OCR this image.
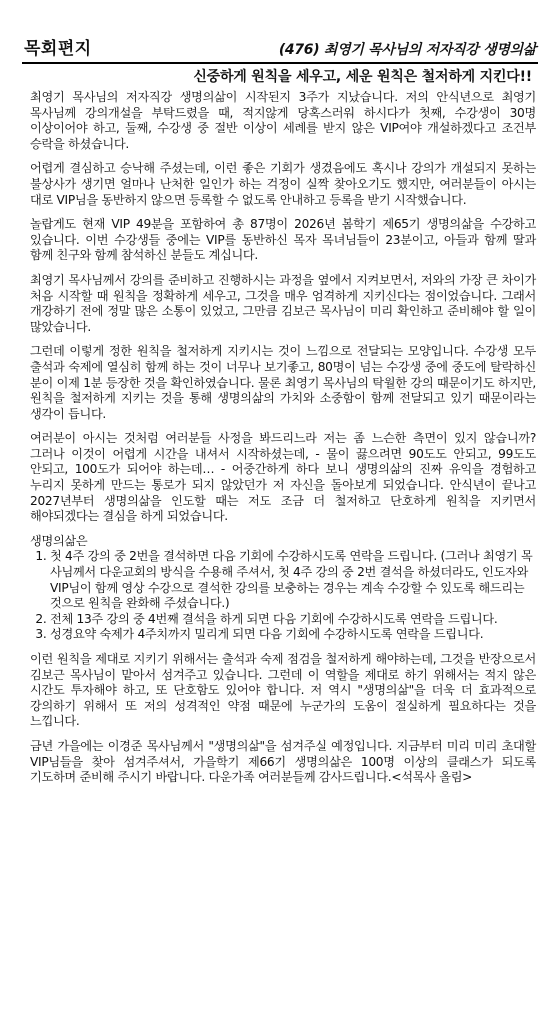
목회편지	(476) 최영기 목사님의 저자직강 생명의삶
신중하게 원칙을 세우고, 세운 원칙은 철저하게 지킨다!!

최영기 목사님의 저자직강 생명의삶이 시작된지 3주가 지났습니다. 저의 안식년으로 최영기 목사님께 강의개설을 부탁드렸을 때, 적지않게 당혹스러워 하시다가 첫째, 수강생이 30명 이상이어야 하고, 둘째, 수강생 중 절반 이상이 세례를 받지 않은 VIP여야 개설하겠다고 조건부 승락을 하셨습니다.

어렵게 결심하고 승낙해 주셨는데, 이런 좋은 기회가 생겼음에도 혹시나 강의가 개설되지 못하는 불상사가 생기면 얼마나 난처한 일인가 하는 걱정이 실짝 찾아오기도 했지만, 여러분들이 아시는 대로 VIP님을 동반하지 않으면 등록할 수 없도록 안내하고 등록을 받기 시작했습니다.

놀랍게도 현재 VIP 49분을 포함하여 총 87명이 2026년 봄학기 제65기 생명의삶을 수강하고 있습니다. 이번 수강생들 중에는 VIP를 동반하신 목자 목녀님들이 23분이고, 아들과 함께 딸과 함께 친구와 함께 참석하신 분들도 계십니다.

최영기 목사님께서 강의를 준비하고 진행하시는 과정을 옆에서 지켜보면서, 저와의 가장 큰 차이가 처음 시작할 때 원칙을 정확하게 세우고, 그것을 매우 엄격하게 지키신다는 점이었습니다. 그래서 개강하기 전에 정말 많은 소통이 있었고, 그만큼 김보근 목사님이 미리 확인하고 준비해야 할 일이 많았습니다.

그런데 이렇게 정한 원칙을 철저하게 지키시는 것이 느낌으로 전달되는 모양입니다. 수강생 모두 출석과 숙제에 열심히 함께 하는 것이 너무나 보기좋고, 80명이 넘는 수강생 중에 중도에 탈락하신 분이 이제 1분 등장한 것을 확인하였습니다. 물론 최영기 목사님의 탁월한 강의 때문이기도 하지만, 원칙을 철저하게 지키는 것을 통해 생명의삶의 가치와 소중함이 함께 전달되고 있기 때문이라는 생각이 듭니다.

여러분이 아시는 것처럼 여러분들 사정을 봐드리느라 저는 좀 느슨한 측면이 있지 않습니까? 그러나 이것이 어렵게 시간을 내셔서 시작하셨는데, - 물이 끓으려면 90도도 안되고, 99도도 안되고, 100도가 되어야 하는데… - 어중간하게 하다 보니 생명의삶의 진짜 유익을 경험하고 누리지 못하게 만드는 통로가 되지 않았던가 저 자신을 돌아보게 되었습니다. 안식년이 끝나고 2027년부터 생명의삶을 인도할 때는 저도 조금 더 철저하고 단호하게 원칙을 지키면서 해야되겠다는 결심을 하게 되었습니다.

생명의삶은

1. 첫 4주 강의 중 2번을 결석하면 다음 기회에 수강하시도록 연락을 드립니다. (그러나 최영기 목사님께서 다운교회의 방식을 수용해 주셔서, 첫 4주 강의 중 2번 결석을 하셨더라도, 인도자와 VIP님이 함께 영상 수강으로 결석한 강의를 보충하는 경우는 계속 수강할 수 있도록 해드리는 것으로 원칙을 완화해 주셨습니다.)
2. 전체 13주 강의 중 4번째 결석을 하게 되면 다음 기회에 수강하시도록 연락을 드립니다.
3. 성경요약 숙제가 4주치까지 밀리게 되면 다음 기회에 수강하시도록 연락을 드립니다.

이런 원칙을 제대로 지키기 위해서는 출석과 숙제 점검을 철저하게 해야하는데, 그것을 반장으로서 김보근 목사님이 맡아서 섬겨주고 있습니다. 그런데 이 역할을 제대로 하기 위해서는 적지 않은 시간도 투자해야 하고, 또 단호함도 있어야 합니다. 저 역시 "생명의삶"을 더욱 더 효과적으로 강의하기 위해서 또 저의 성격적인 약점 때문에 누군가의 도움이 절실하게 필요하다는 것을 느낍니다.

금년 가을에는 이경준 목사님께서 "생명의삶"을 섬겨주실 예정입니다. 지금부터 미리 미리 초대할 VIP님들을 찾아 섬겨주셔서, 가을학기 제66기 생명의삶은 100명 이상의 클래스가 되도록 기도하며 준비해 주시기 바랍니다. 다운가족 여러분들께 감사드립니다.<석목사 올림>
